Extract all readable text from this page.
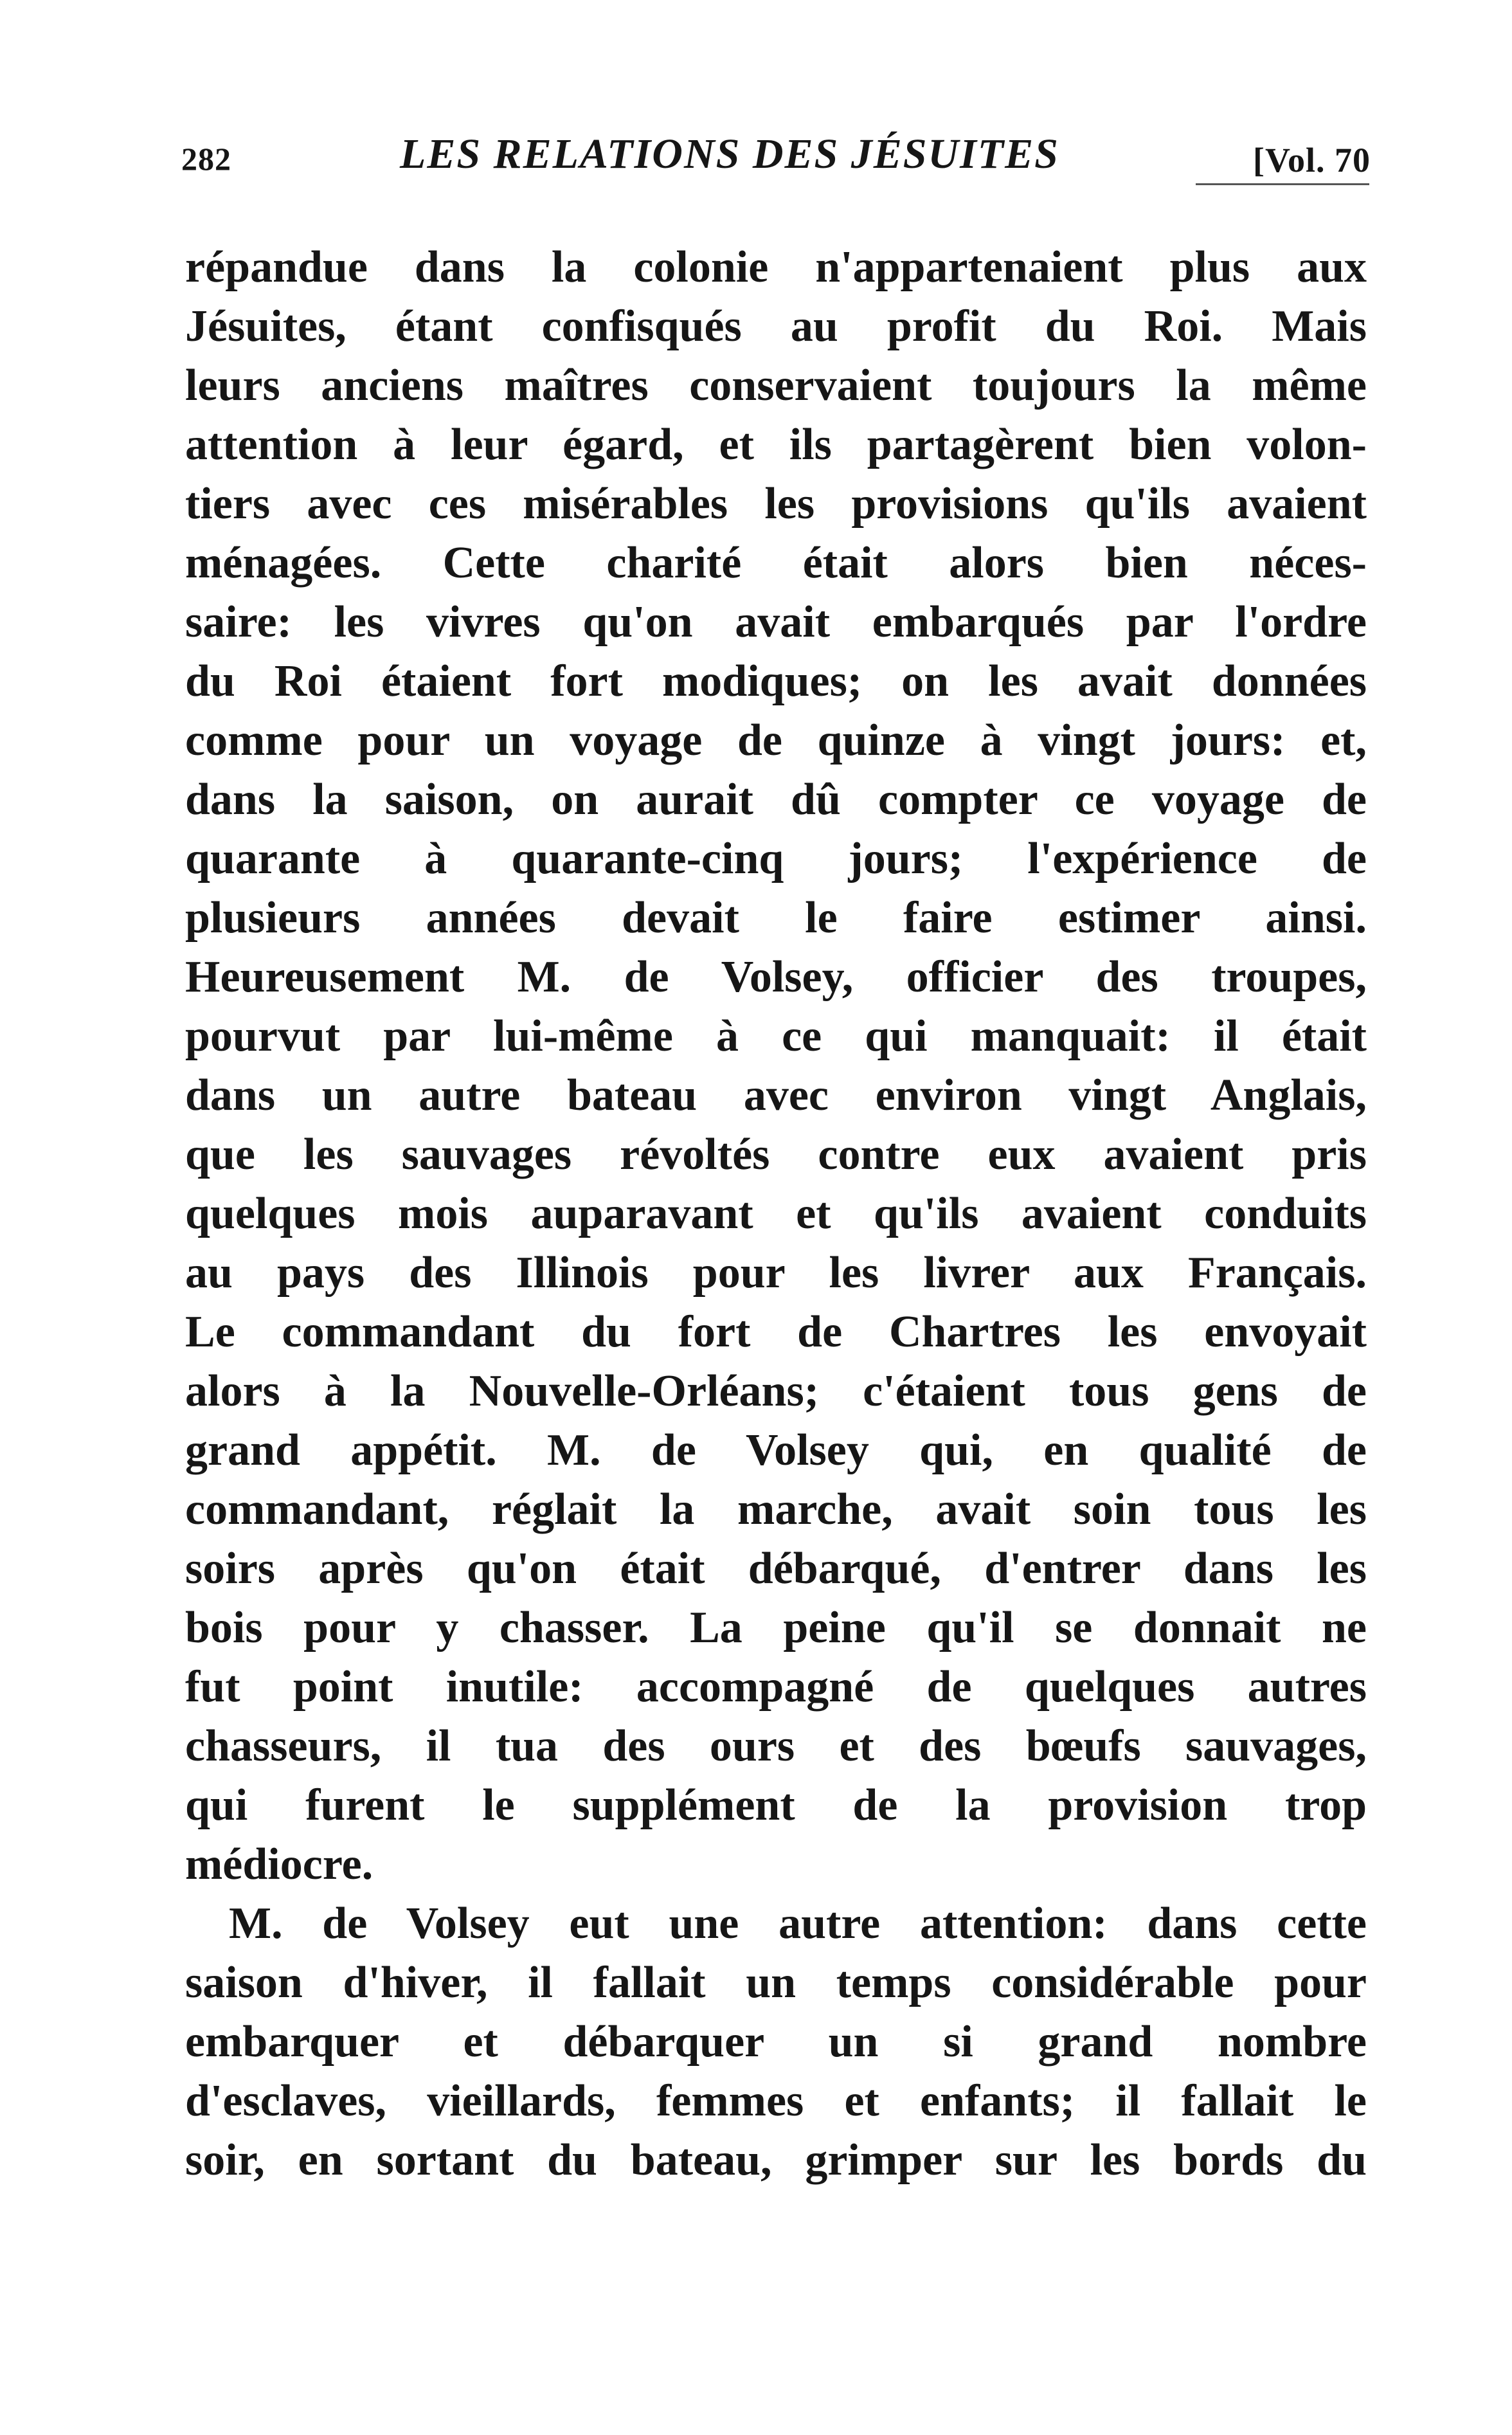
282	LES RELATIONS DES JÉSUITES	[Vol. 70
répandue dans la colonie n'appartenaient plus aux
Jésuites, étant confisqués au profit du Roi. Mais
leurs anciens maîtres conservaient toujours la même
attention à leur égard, et ils partagèrent bien volon-
tiers avec ces misérables les provisions qu'ils avaient
ménagées. Cette charité était alors bien néces-
saire: les vivres qu'on avait embarqués par l'ordre
du Roi étaient fort modiques; on les avait données
comme pour un voyage de quinze à vingt jours: et,
dans la saison, on aurait dû compter ce voyage de
quarante à quarante-cinq jours; l'expérience de
plusieurs années devait le faire estimer ainsi.
Heureusement M. de Volsey, officier des troupes,
pourvut par lui-même à ce qui manquait: il était
dans un autre bateau avec environ vingt Anglais,
que les sauvages révoltés contre eux avaient pris
quelques mois auparavant et qu'ils avaient conduits
au pays des Illinois pour les livrer aux Français.
Le commandant du fort de Chartres les envoyait
alors à la Nouvelle-Orléans; c'étaient tous gens de
grand appétit. M. de Volsey qui, en qualité de
commandant, réglait la marche, avait soin tous les
soirs après qu'on était débarqué, d'entrer dans les
bois pour y chasser. La peine qu'il se donnait ne
fut point inutile: accompagné de quelques autres
chasseurs, il tua des ours et des bœufs sauvages,
qui furent le supplément de la provision trop
médiocre.
M. de Volsey eut une autre attention: dans cette
saison d'hiver, il fallait un temps considérable pour
embarquer et débarquer un si grand nombre
d'esclaves, vieillards, femmes et enfants; il fallait le
soir, en sortant du bateau, grimper sur les bords du
